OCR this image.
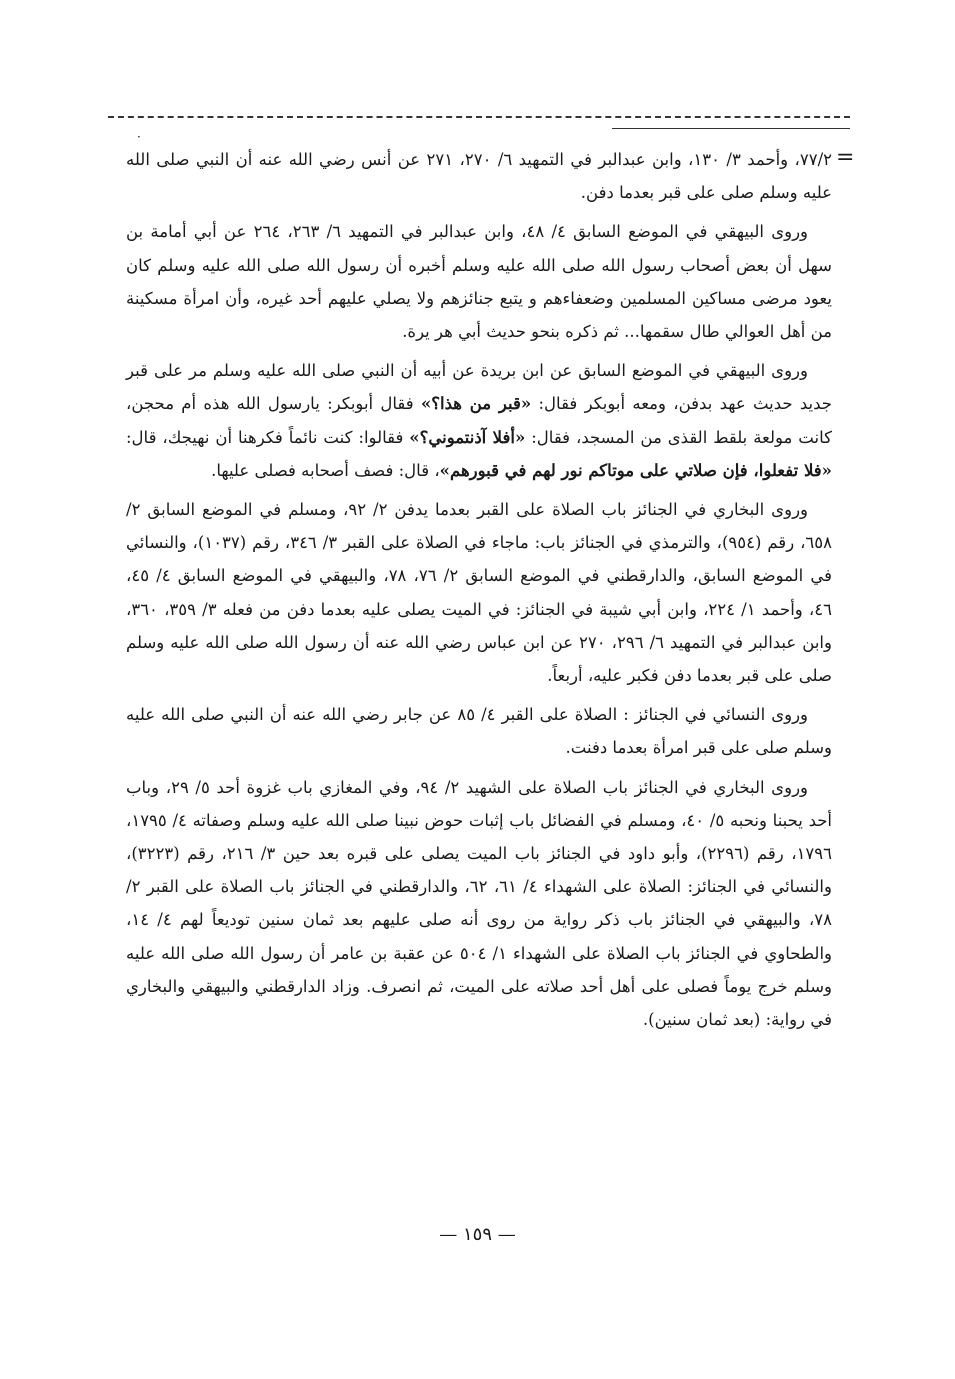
·
=

٧٧/٢، وأحمد ٣/ ١٣٠، وابن عبدالبر في التمهيد ٦/ ٢٧٠، ٢٧١ عن أنس رضي الله عنه أن النبي صلى الله عليه وسلم صلى على قبر بعدما دفن.

وروى البيهقي في الموضع السابق ٤/ ٤٨، وابن عبدالبر في التمهيد ٦/ ٢٦٣، ٢٦٤ عن أبي أمامة بن سهل أن بعض أصحاب رسول الله صلى الله عليه وسلم أخبره أن رسول الله صلى الله عليه وسلم كان يعود مرضى مساكين المسلمين وضعفاءهم و يتبع جنائزهم ولا يصلي عليهم أحد غيره، وأن امرأة مسكينة من أهل العوالي طال سقمها... ثم ذكره بنحو حديث أبي هر يرة.

وروى البيهقي في الموضع السابق عن ابن بريدة عن أبيه أن النبي صلى الله عليه وسلم مر على قبر جديد حديث عهد بدفن، ومعه أبوبكر فقال: «قبر من هذا؟» فقال أبوبكر: يارسول الله هذه أم محجن، كانت مولعة بلقط القذى من المسجد، فقال: «أفلا آذنتموني؟» فقالوا: كنت نائماً فكرهنا أن نهيجك، قال: «فلا تفعلوا، فإن صلاتي على موتاكم نور لهم في قبورهم»، قال: فصف أصحابه فصلى عليها.

وروى البخاري في الجنائز باب الصلاة على القبر بعدما يدفن ٢/ ٩٢، ومسلم في الموضع السابق ٢/ ٦٥٨، رقم (٩٥٤)، والترمذي في الجنائز باب: ماجاء في الصلاة على القبر ٣/ ٣٤٦، رقم (١٠٣٧)، والنسائي في الموضع السابق، والدارقطني في الموضع السابق ٢/ ٧٦، ٧٨، والبيهقي في الموضع السابق ٤/ ٤٥، ٤٦، وأحمد ١/ ٢٢٤، وابن أبي شيبة في الجنائز: في الميت يصلى عليه بعدما دفن من فعله ٣/ ٣٥٩، ٣٦٠، وابن عبدالبر في التمهيد ٦/ ٢٩٦، ٢٧٠ عن ابن عباس رضي الله عنه أن رسول الله صلى الله عليه وسلم صلى على قبر بعدما دفن فكبر عليه، أربعاً.

وروى النسائي في الجنائز : الصلاة على القبر ٤/ ٨٥ عن جابر رضي الله عنه أن النبي صلى الله عليه وسلم صلى على قبر امرأة بعدما دفنت.

وروى البخاري في الجنائز باب الصلاة على الشهيد ٢/ ٩٤، وفي المغازي باب غزوة أحد ٥/ ٢٩، وباب أحد يحبنا ونحبه ٥/ ٤٠، ومسلم في الفضائل باب إثبات حوض نبينا صلى الله عليه وسلم وصفاته ٤/ ١٧٩٥، ١٧٩٦، رقم (٢٢٩٦)، وأبو داود في الجنائز باب الميت يصلى على قبره بعد حين ٣/ ٢١٦، رقم (٣٢٢٣)، والنسائي في الجنائز: الصلاة على الشهداء ٤/ ٦١، ٦٢، والدارقطني في الجنائز باب الصلاة على القبر ٢/ ٧٨، والبيهقي في الجنائز باب ذكر رواية من روى أنه صلى عليهم بعد ثمان سنين توديعاً لهم ٤/ ١٤، والطحاوي في الجنائز باب الصلاة على الشهداء ١/ ٥٠٤ عن عقبة بن عامر أن رسول الله صلى الله عليه وسلم خرج يوماً فصلى على أهل أحد صلاته على الميت، ثم انصرف. وزاد الدارقطني والبيهقي والبخاري في رواية: (بعد ثمان سنين).

— ١٥٩ —
